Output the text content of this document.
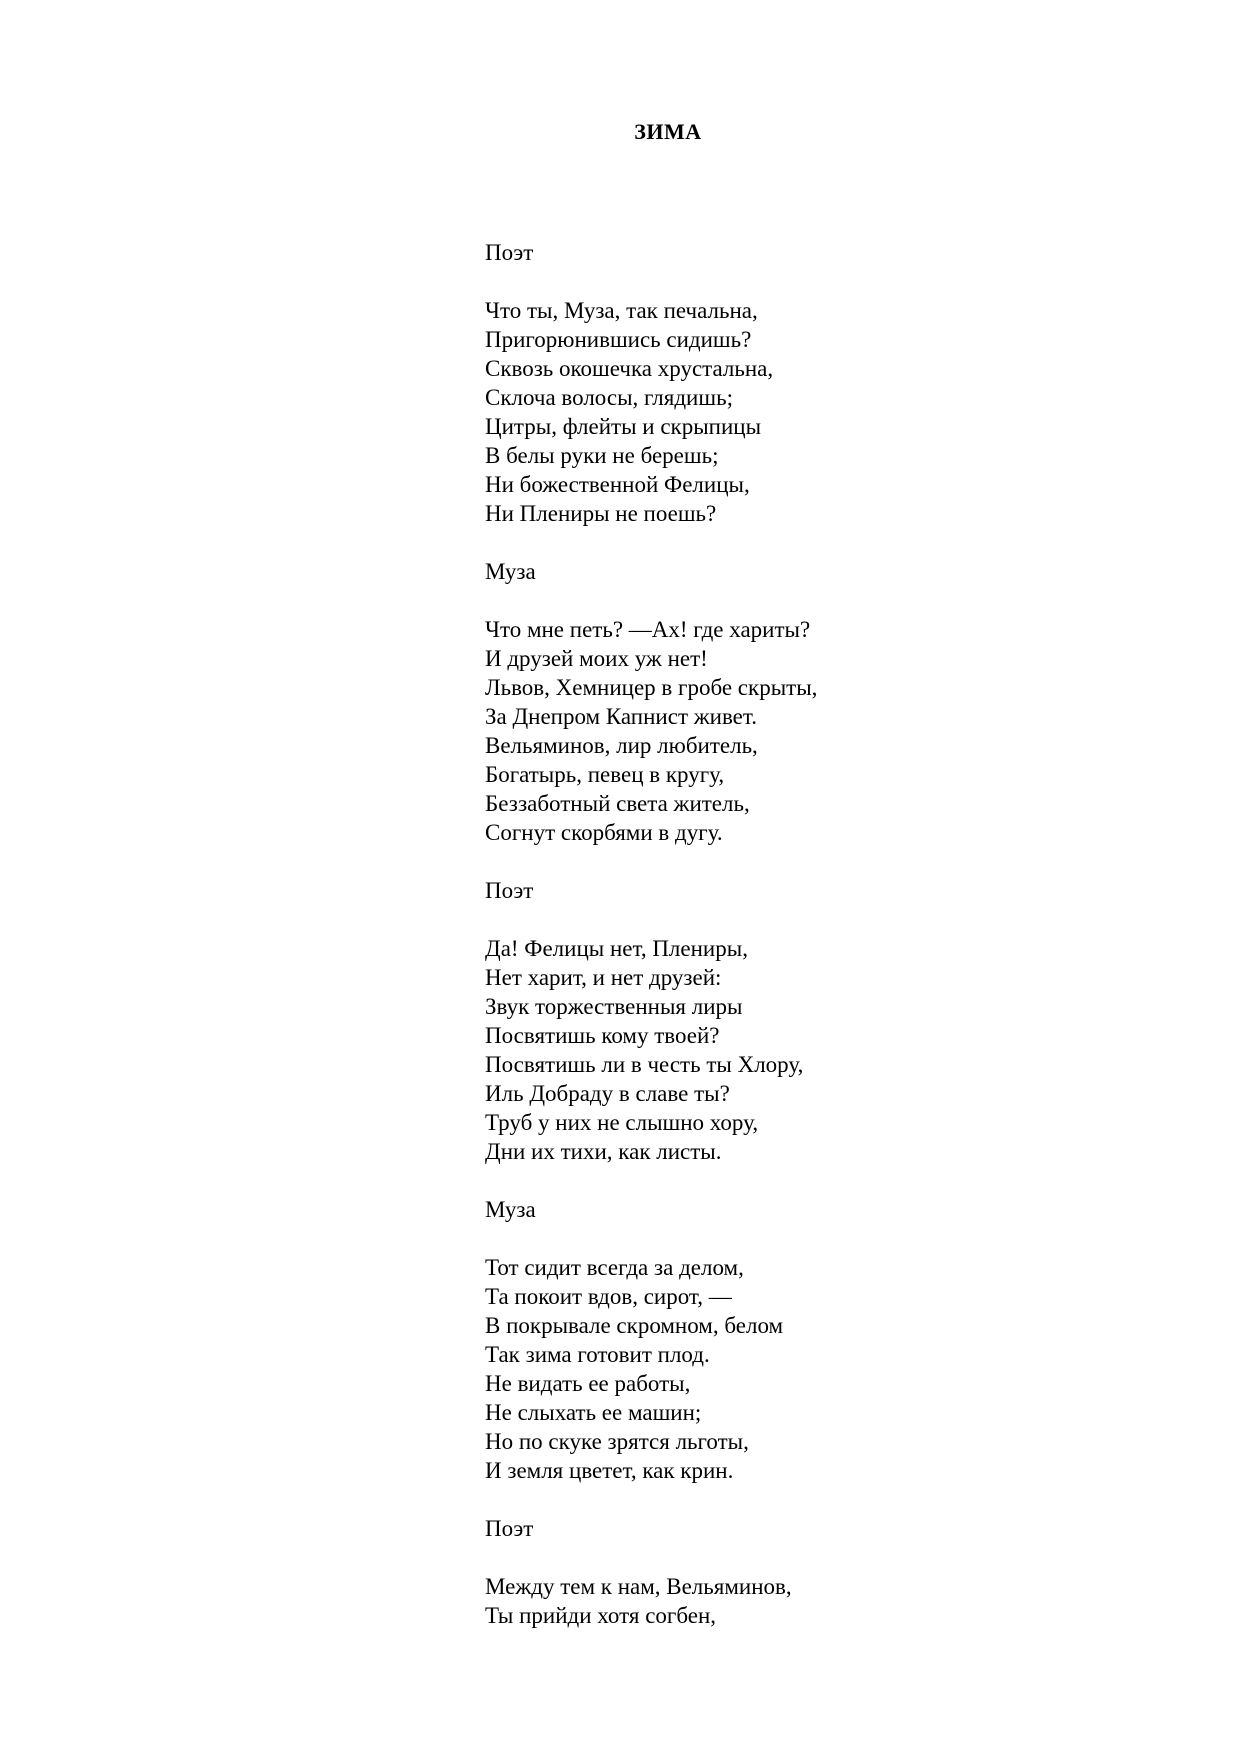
ЗИМА
Поэт
Что ты, Муза, так печальна,
Пригорюнившись сидишь?
Сквозь окошечка хрустальна,
Склоча волосы, глядишь;
Цитры, флейты и скрыпицы
В белы руки не берешь;
Ни божественной Фелицы,
Ни Плениры не поешь?
Муза
Что мне петь? —Ах! где хариты?
И друзей моих уж нет!
Львов, Хемницер в гробе скрыты,
За Днепром Капнист живет.
Вельяминов, лир любитель,
Богатырь, певец в кругу,
Беззаботный света житель,
Согнут скорбями в дугу.
Поэт
Да! Фелицы нет, Плениры,
Нет харит, и нет друзей:
Звук торжественныя лиры
Посвятишь кому твоей?
Посвятишь ли в честь ты Хлору,
Иль Добраду в славе ты?
Труб у них не слышно хору,
Дни их тихи, как листы.
Муза
Тот сидит всегда за делом,
Та покоит вдов, сирот, —
В покрывале скромном, белом
Так зима готовит плод.
Не видать ее работы,
Не слыхать ее машин;
Но по скуке зрятся льготы,
И земля цветет, как крин.
Поэт
Между тем к нам, Вельяминов,
Ты прийди хотя согбен,
